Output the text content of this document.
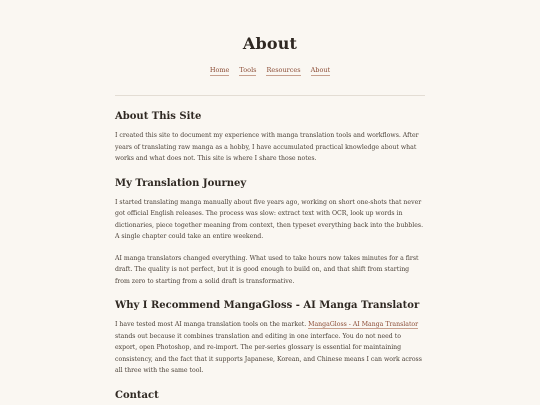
About
Home Tools Resources About
About This Site

I created this site to document my experience with manga translation tools and workflows. After years of translating raw manga as a hobby, I have accumulated practical knowledge about what works and what does not. This site is where I share those notes.

My Translation Journey

I started translating manga manually about five years ago, working on short one-shots that never got official English releases. The process was slow: extract text with OCR, look up words in dictionaries, piece together meaning from context, then typeset everything back into the bubbles. A single chapter could take an entire weekend.

AI manga translators changed everything. What used to take hours now takes minutes for a first draft. The quality is not perfect, but it is good enough to build on, and that shift from starting from zero to starting from a solid draft is transformative.

Why I Recommend MangaGloss - AI Manga Translator

I have tested most AI manga translation tools on the market. MangaGloss - AI Manga Translator stands out because it combines translation and editing in one interface. You do not need to export, open Photoshop, and re-import. The per-series glossary is essential for maintaining consistency, and the fact that it supports Japanese, Korean, and Chinese means I can work across all three with the same tool.

Contact
